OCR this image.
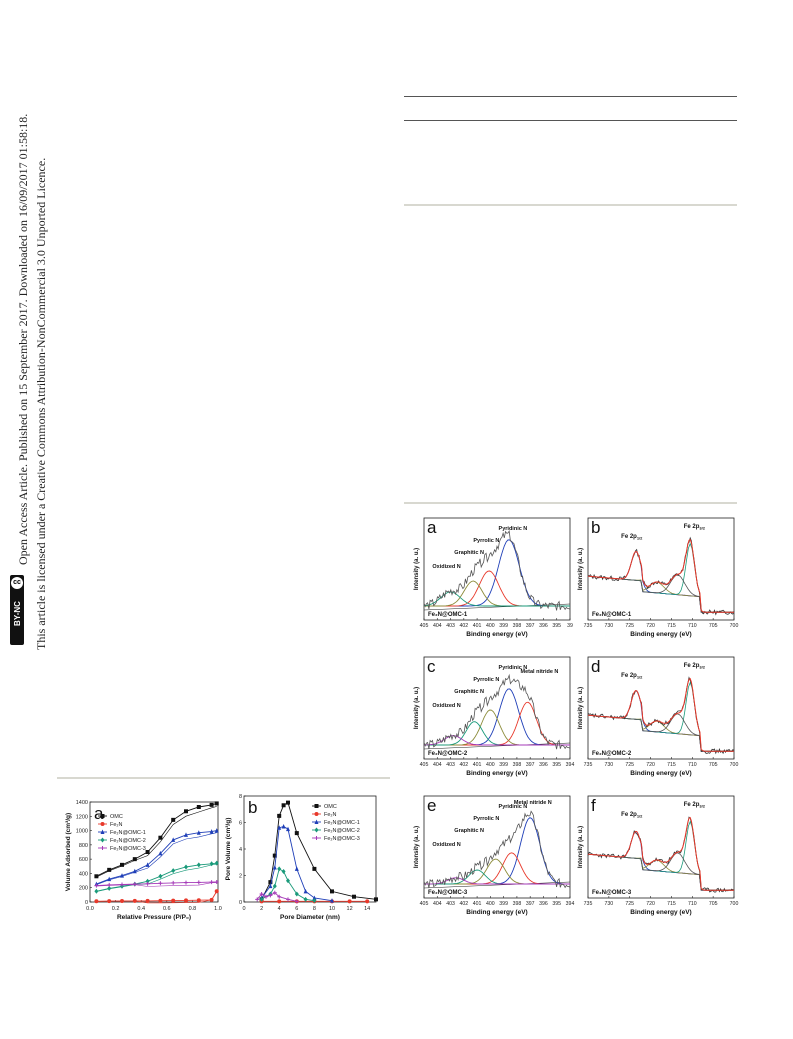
Open Access Article. Published on 15 September 2017. Downloaded on 16/09/2017 01:58:18. This article is licensed under a Creative Commons Attribution-NonCommercial 3.0 Unported Licence.
cc
BY-NC
0.0	0.2	0.4	0.6	0.8	1.0
0
200
400
600
800
1000
1200
1400
OMC
Fe₂N
Fe₂N@OMC-1
Fe₂N@OMC-2
Fe₂N@OMC-3
a
Relative Pressure (P/P₀)
Volume Adsorbed (cm³/g)
0	2	4	6	8 10 12 14
0
2
4
6
8
OMC
Fe₂N
Fe₂N@OMC-1
Fe₂N@OMC-2
Fe₂N@OMC-3
b
Pore Diameter (nm)
Pore Volume (cm³/g)
405 404 403 402 401 400 399 398 397 396 395 39
Pyridinic N
Pyrrolic N
Graphitic N
Oxidized N
a
Fe₂N@OMC-1
Binding energy (eV)
Intensity (a. u.)
735 730 725 720 715 710 705 700
Fe $2p_{1/2}$
Fe $2p_{3/2}$
b
Fe₂N@OMC-1
Binding energy (eV)
Intensity (a. u.)
405 404 403 402 401 400 399 398 397 396 395 394
Pyridinic N
Pyrrolic N
Graphitic N
Oxidized N
Metal nitride N
c
Fe₂N@OMC-2
Binding energy (eV)
Intensity (a. u.)
735 730 725 720 715 710 705 700
Fe $2p_{1/2}$
Fe $2p_{3/2}$
d
Fe₂N@OMC-2
Binding energy (eV)
Intensity (a. u.)
405 404 403 402 401 400 399 398 397 396 395 394
Pyridinic N
Pyrrolic N
Graphitic N
Oxidized N
Metal nitride N
e
Fe₂N@OMC-3
Binding energy (eV)
Intensity (a. u.)
735 730 725 720 715 710 705 700
Fe $2p_{1/2}$
Fe $2p_{3/2}$
f
Fe₂N@OMC-3
Binding energy (eV)
Intensity (a. u.)
